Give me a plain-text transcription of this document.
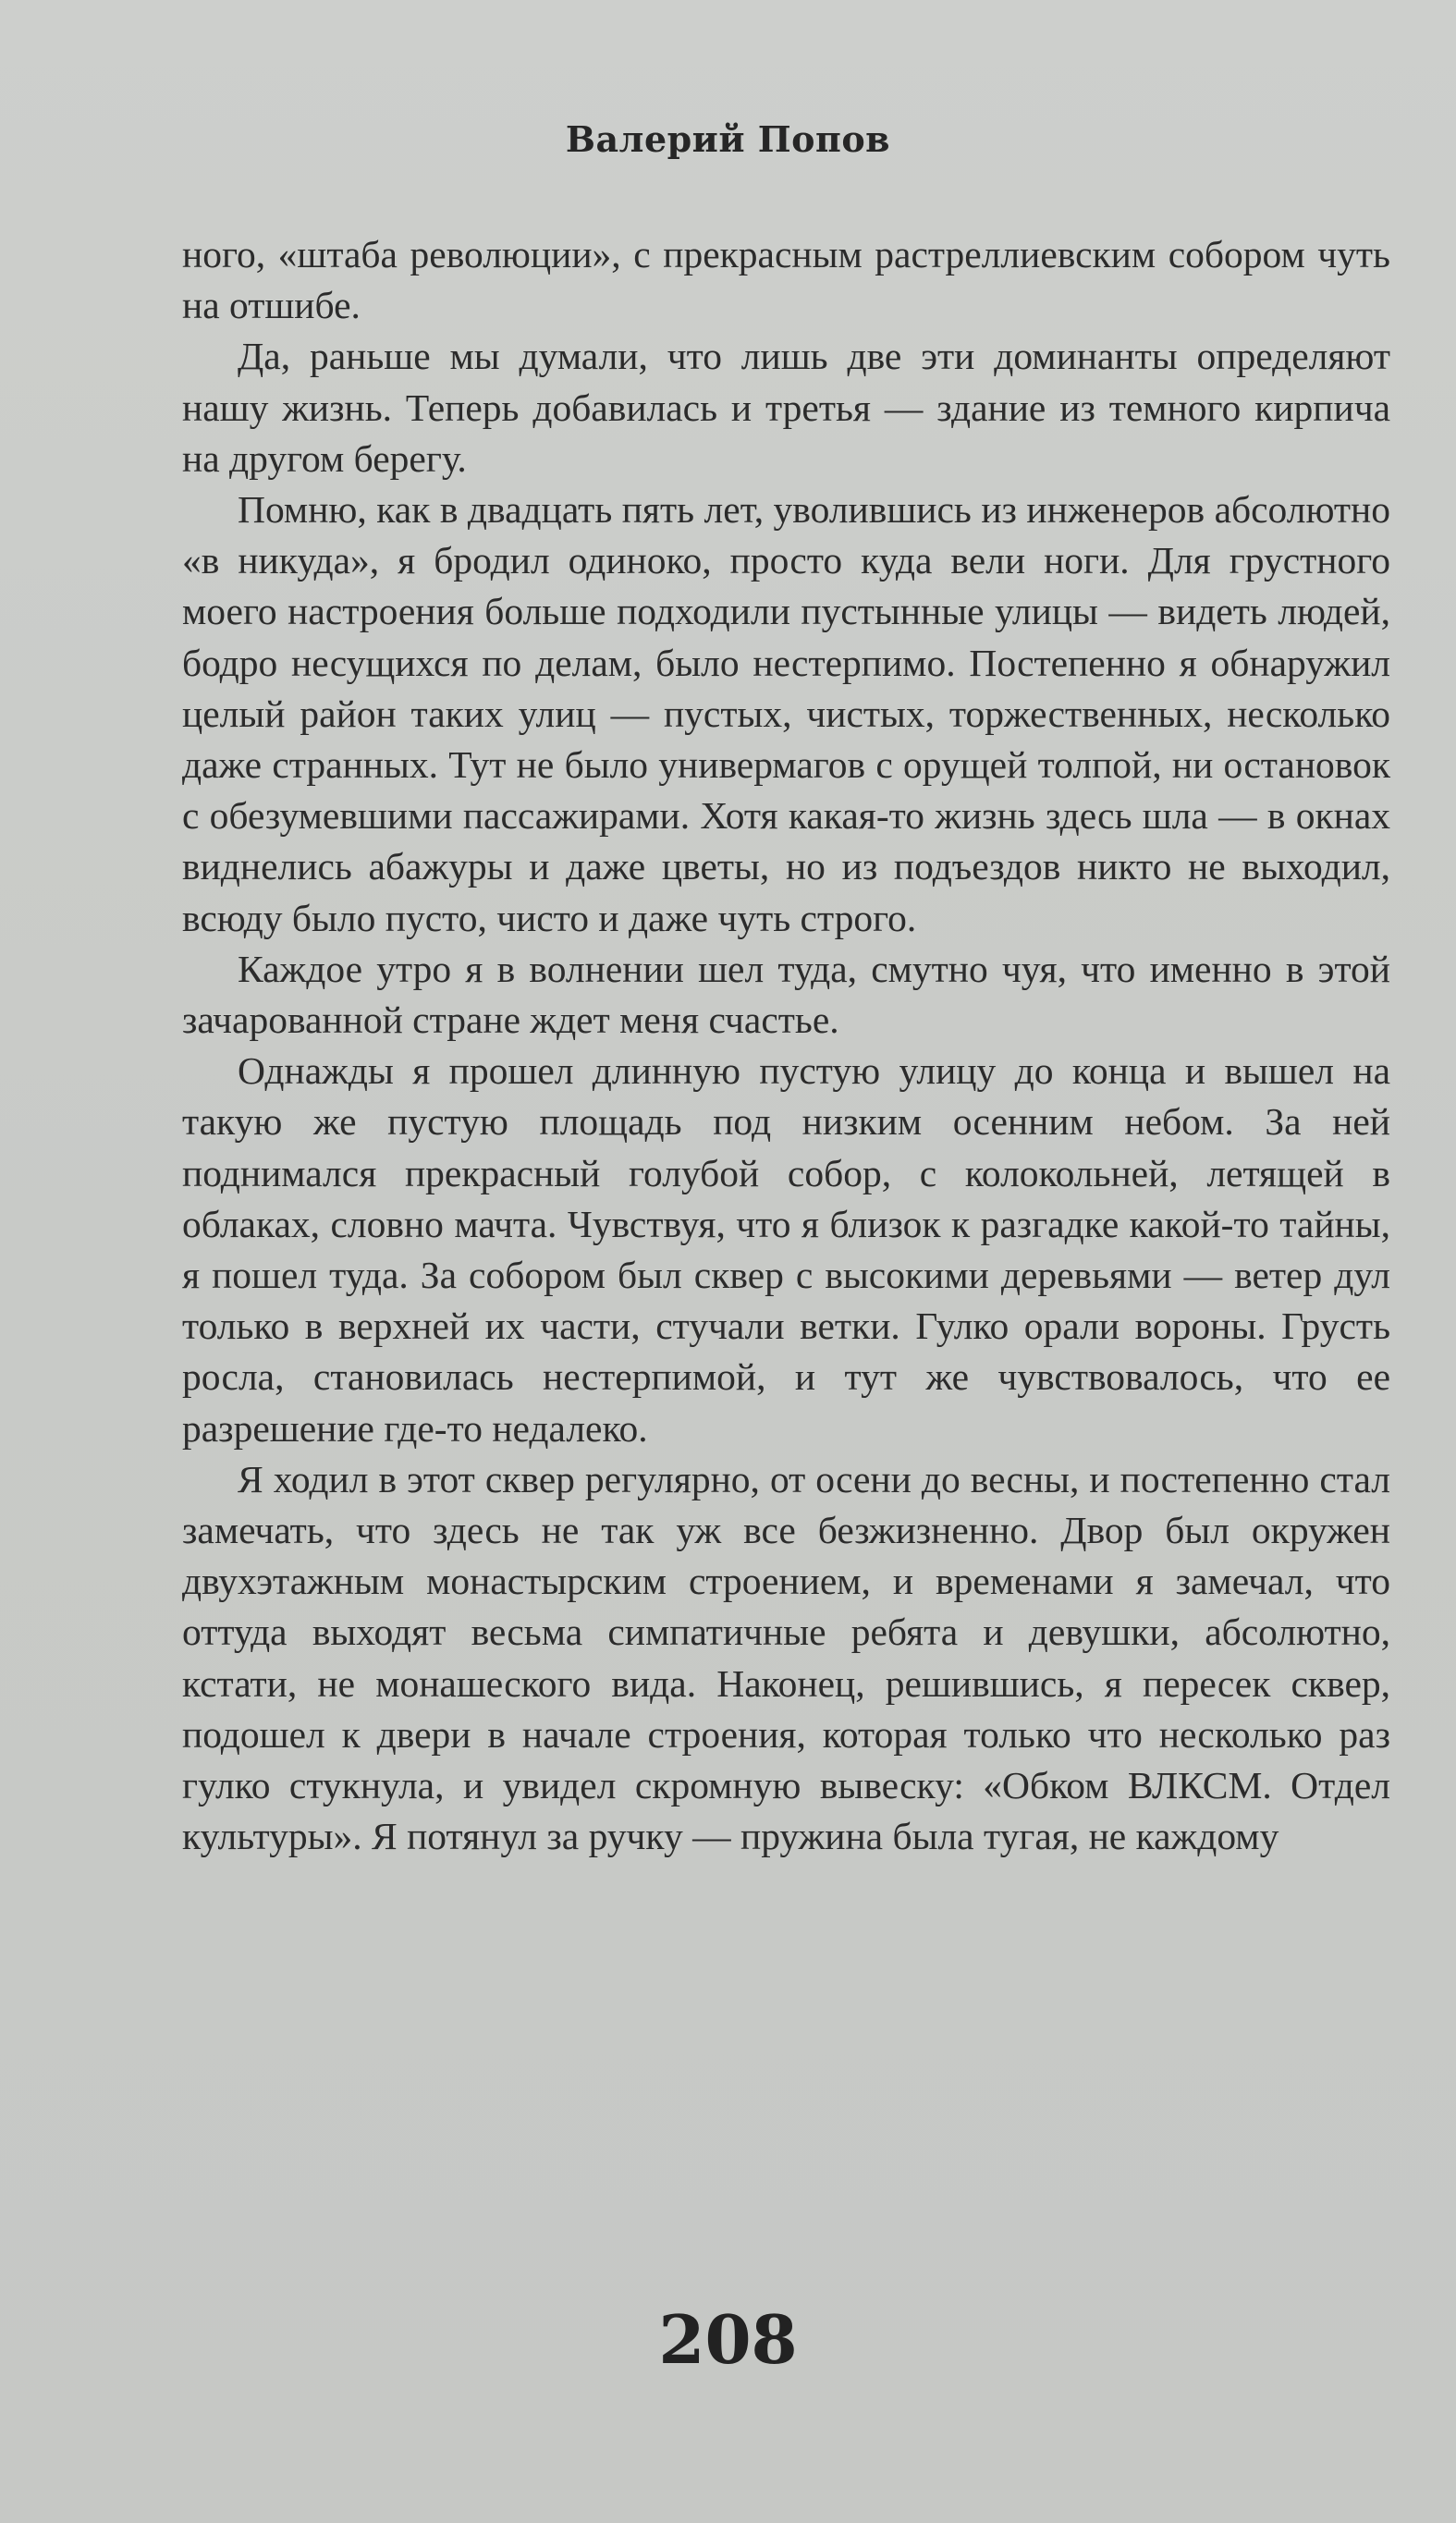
Валерий Попов

ного, «штаба революции», с прекрасным растреллиевским собором чуть на отшибе.

Да, раньше мы думали, что лишь две эти доминанты определяют нашу жизнь. Теперь добавилась и третья — здание из темного кирпича на другом берегу.

Помню, как в двадцать пять лет, уволившись из инженеров абсолютно «в никуда», я бродил одиноко, просто куда вели ноги. Для грустного моего настроения больше подходили пустынные улицы — видеть людей, бодро несущихся по делам, было нестерпимо. Постепенно я обнаружил целый район таких улиц — пустых, чистых, торжественных, несколько даже странных. Тут не было универмагов с орущей толпой, ни остановок с обезумевшими пассажирами. Хотя какая-то жизнь здесь шла — в окнах виднелись абажуры и даже цветы, но из подъездов никто не выходил, всюду было пусто, чисто и даже чуть строго.

Каждое утро я в волнении шел туда, смутно чуя, что именно в этой зачарованной стране ждет меня счастье.

Однажды я прошел длинную пустую улицу до конца и вышел на такую же пустую площадь под низким осенним небом. За ней поднимался прекрасный голубой собор, с колокольней, летящей в облаках, словно мачта. Чувствуя, что я близок к разгадке какой-то тайны, я пошел туда. За собором был сквер с высокими деревьями — ветер дул только в верхней их части, стучали ветки. Гулко орали вороны. Грусть росла, становилась нестерпимой, и тут же чувствовалось, что ее разрешение где-то недалеко.

Я ходил в этот сквер регулярно, от осени до весны, и постепенно стал замечать, что здесь не так уж все безжизненно. Двор был окружен двухэтажным монастырским строением, и временами я замечал, что оттуда выходят весьма симпатичные ребята и девушки, абсолютно, кстати, не монашеского вида. Наконец, решившись, я пересек сквер, подошел к двери в начале строения, которая только что несколько раз гулко стукнула, и увидел скромную вывеску: «Обком ВЛКСМ. Отдел культуры». Я потянул за ручку — пружина была тугая, не каждому

208
